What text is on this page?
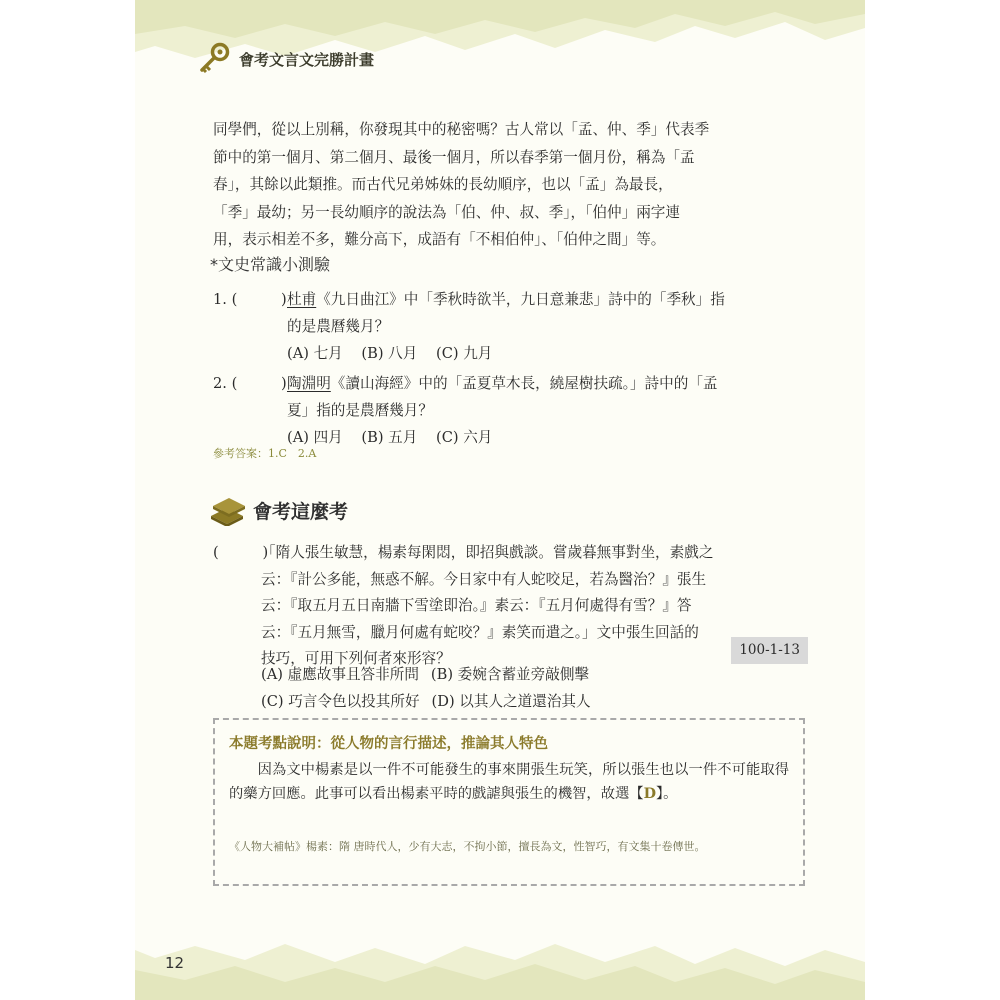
會考文言文完勝計畫

同學們，從以上別稱，你發現其中的秘密嗎？古人常以「孟、仲、季」代表季

節中的第一個月、第二個月、最後一個月，所以春季第一個月份，稱為「孟

春」，其餘以此類推。而古代兄弟姊妹的長幼順序，也以「孟」為最長，

「季」最幼；另一長幼順序的說法為「伯、仲、叔、季」，「伯仲」兩字連

用，表示相差不多，難分高下，成語有「不相伯仲」、「伯仲之間」等。

*文史常識小測驗
1. (　　　) 杜甫《九日曲江》中「季秋時欲半，九日意兼悲」詩中的「季秋」指
的是農曆幾月？
(A) 七月 (B) 八月 (C) 九月
2. (　　　) 陶淵明《讀山海經》中的「孟夏草木長，繞屋樹扶疏。」詩中的「孟
夏」指的是農曆幾月？
(A) 四月 (B) 五月 (C) 六月
參考答案：1.C　2.A
會考這麼考
(　　　)
「隋人張生敏慧，楊素每閑悶，即招與戲談。嘗歲暮無事對坐，素戲之
云：『計公多能，無惑不解。今日家中有人蛇咬足，若為醫治？』張生
云：『取五月五日南牆下雪塗即治。』素云：『五月何處得有雪？』答
云：『五月無雪，臘月何處有蛇咬？』素笑而遣之。」文中張生回話的
技巧，可用下列何者來形容？	100-1-13
(A) 虛應故事且答非所問 (B) 委婉含蓄並旁敲側擊
(C) 巧言令色以投其所好 (D) 以其人之道還治其人
本題考點說明：從人物的言行描述，推論其人特色
因為文中楊素是以一件不可能發生的事來開張生玩笑，所以張生也以一件不可能取得的藥方回應。此事可以看出楊素平時的戲謔與張生的機智，故選【D】。
《人物大補帖》楊素：隋 唐時代人，少有大志，不拘小節，擅長為文，性智巧，有文集十卷傳世。
12
